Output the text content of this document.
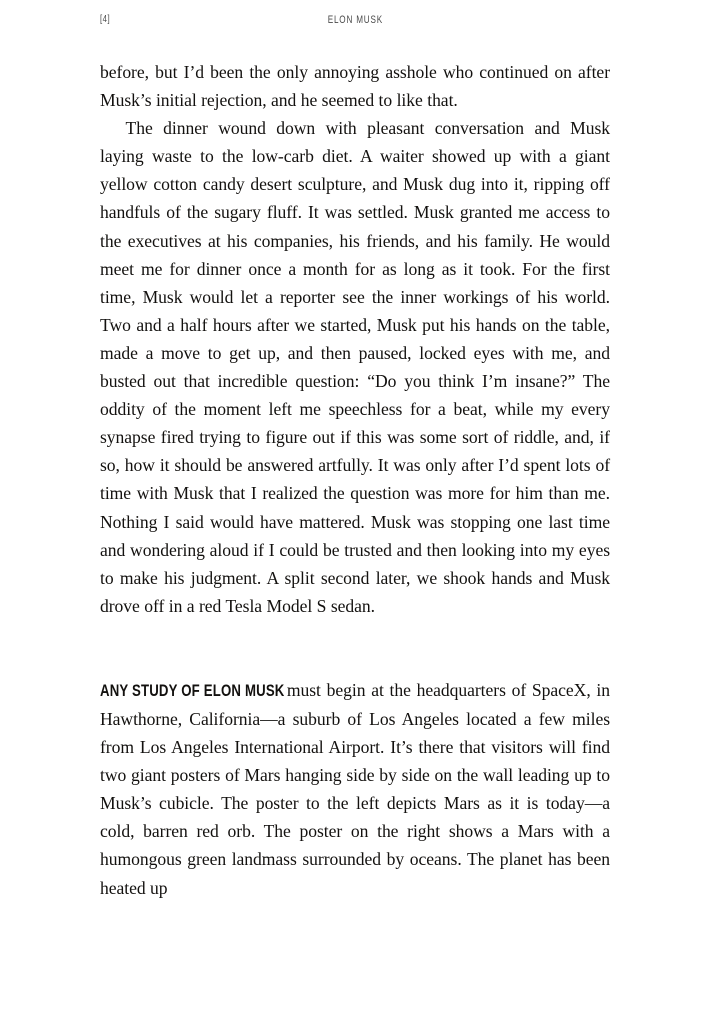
[4]	ELON MUSK

before, but I’d been the only annoying asshole who continued on after Musk’s initial rejection, and he seemed to like that.

The dinner wound down with pleasant conversation and Musk laying waste to the low-carb diet. A waiter showed up with a giant yellow cotton candy desert sculpture, and Musk dug into it, ripping off handfuls of the sugary fluff. It was settled. Musk granted me access to the executives at his companies, his friends, and his family. He would meet me for dinner once a month for as long as it took. For the first time, Musk would let a reporter see the inner workings of his world. Two and a half hours after we started, Musk put his hands on the table, made a move to get up, and then paused, locked eyes with me, and busted out that incredible question: “Do you think I’m insane?” The oddity of the moment left me speechless for a beat, while my every synapse fired trying to figure out if this was some sort of riddle, and, if so, how it should be answered artfully. It was only after I’d spent lots of time with Musk that I realized the question was more for him than me. Nothing I said would have mattered. Musk was stopping one last time and wondering aloud if I could be trusted and then looking into my eyes to make his judgment. A split second later, we shook hands and Musk drove off in a red Tesla Model S sedan.

ANY STUDY OF ELON MUSK must begin at the headquarters of SpaceX, in Hawthorne, California—a suburb of Los Angeles located a few miles from Los Angeles International Airport. It’s there that visitors will find two giant posters of Mars hanging side by side on the wall leading up to Musk’s cubicle. The poster to the left depicts Mars as it is today—a cold, barren red orb. The poster on the right shows a Mars with a humongous green landmass surrounded by oceans. The planet has been heated up
